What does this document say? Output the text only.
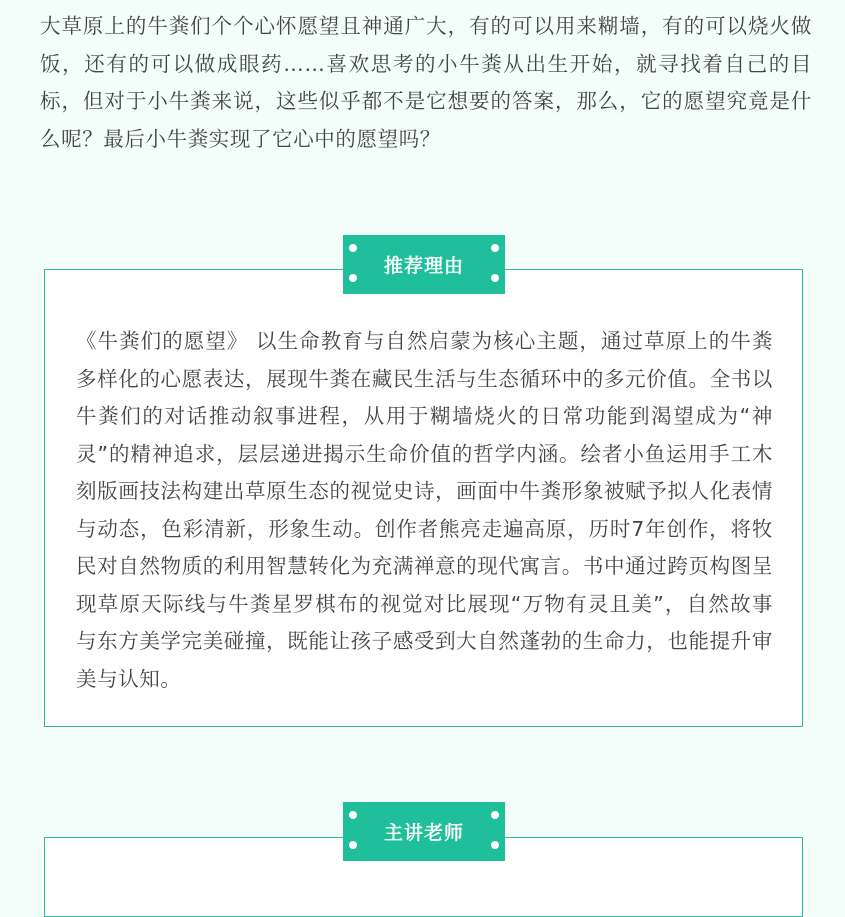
大草原上的牛粪们个个心怀愿望且神通广大，有的可以用来糊墙，有的可以烧火做饭，还有的可以做成眼药……喜欢思考的小牛粪从出生开始，就寻找着自己的目标，但对于小牛粪来说，这些似乎都不是它想要的答案，那么，它的愿望究竟是什么呢？最后小牛粪实现了它心中的愿望吗？

《牛粪们的愿望》 以生命教育与自然启蒙为核心主题，通过草原上的牛粪多样化的心愿表达，展现牛粪在藏民生活与生态循环中的多元价值。全书以牛粪们的对话推动叙事进程，从用于糊墙烧火的日常功能到渴望成为“神灵”的精神追求，层层递进揭示生命价值的哲学内涵。绘者小鱼运用手工木刻版画技法构建出草原生态的视觉史诗，画面中牛粪形象被赋予拟人化表情与动态，色彩清新，形象生动。创作者熊亮走遍高原，历时7年创作，将牧民对自然物质的利用智慧转化为充满禅意的现代寓言。书中通过跨页构图呈现草原天际线与牛粪星罗棋布的视觉对比展现“万物有灵且美”，自然故事与东方美学完美碰撞，既能让孩子感受到大自然蓬勃的生命力，也能提升审美与认知。

推荐理由
主讲老师
